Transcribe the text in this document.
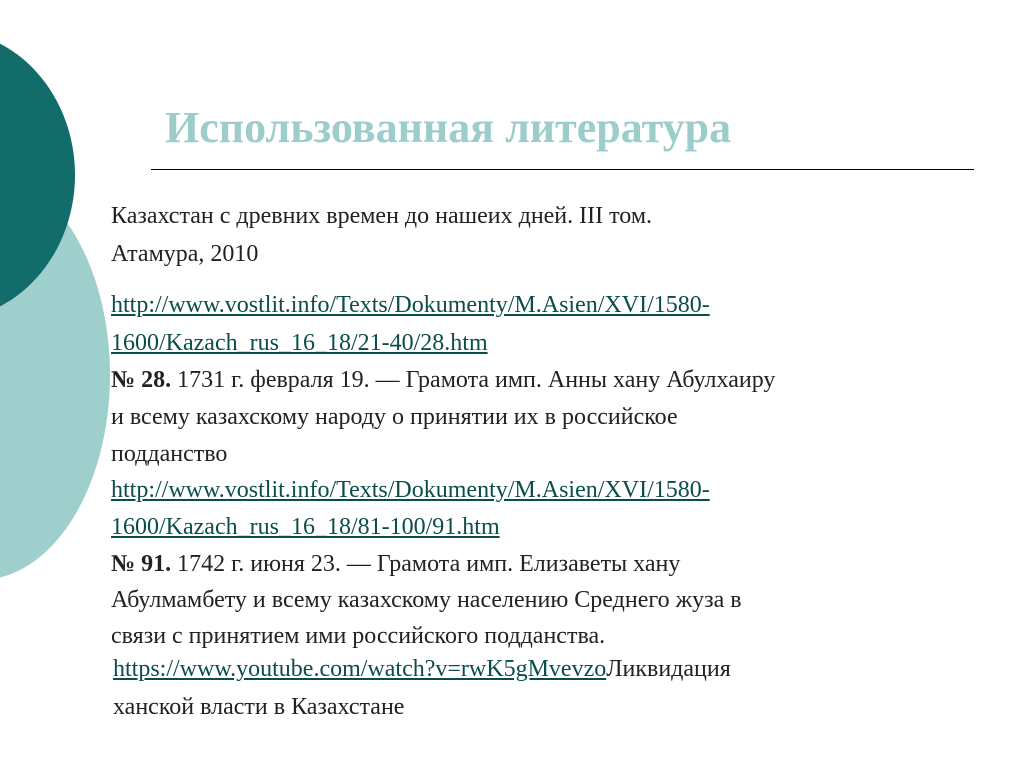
Использованная литература
Казахстан с древних времен до нашеих дней. III том.
Атамура, 2010
http://www.vostlit.info/Texts/Dokumenty/M.Asien/XVI/1580-
1600/Kazach_rus_16_18/21-40/28.htm
№ 28. 1731 г. февраля 19. — Грамота имп. Анны хану Абулхаиру
и всему казахскому народу о принятии их в российское
подданство
http://www.vostlit.info/Texts/Dokumenty/M.Asien/XVI/1580-
1600/Kazach_rus_16_18/81-100/91.htm
№ 91. 1742 г. июня 23. — Грамота имп. Елизаветы хану
Абулмамбету и всему казахскому населению Среднего жуза в
связи с принятием ими российского подданства.
https://www.youtube.com/watch?v=rwK5gMvevzoЛиквидация
ханской власти в Казахстане
